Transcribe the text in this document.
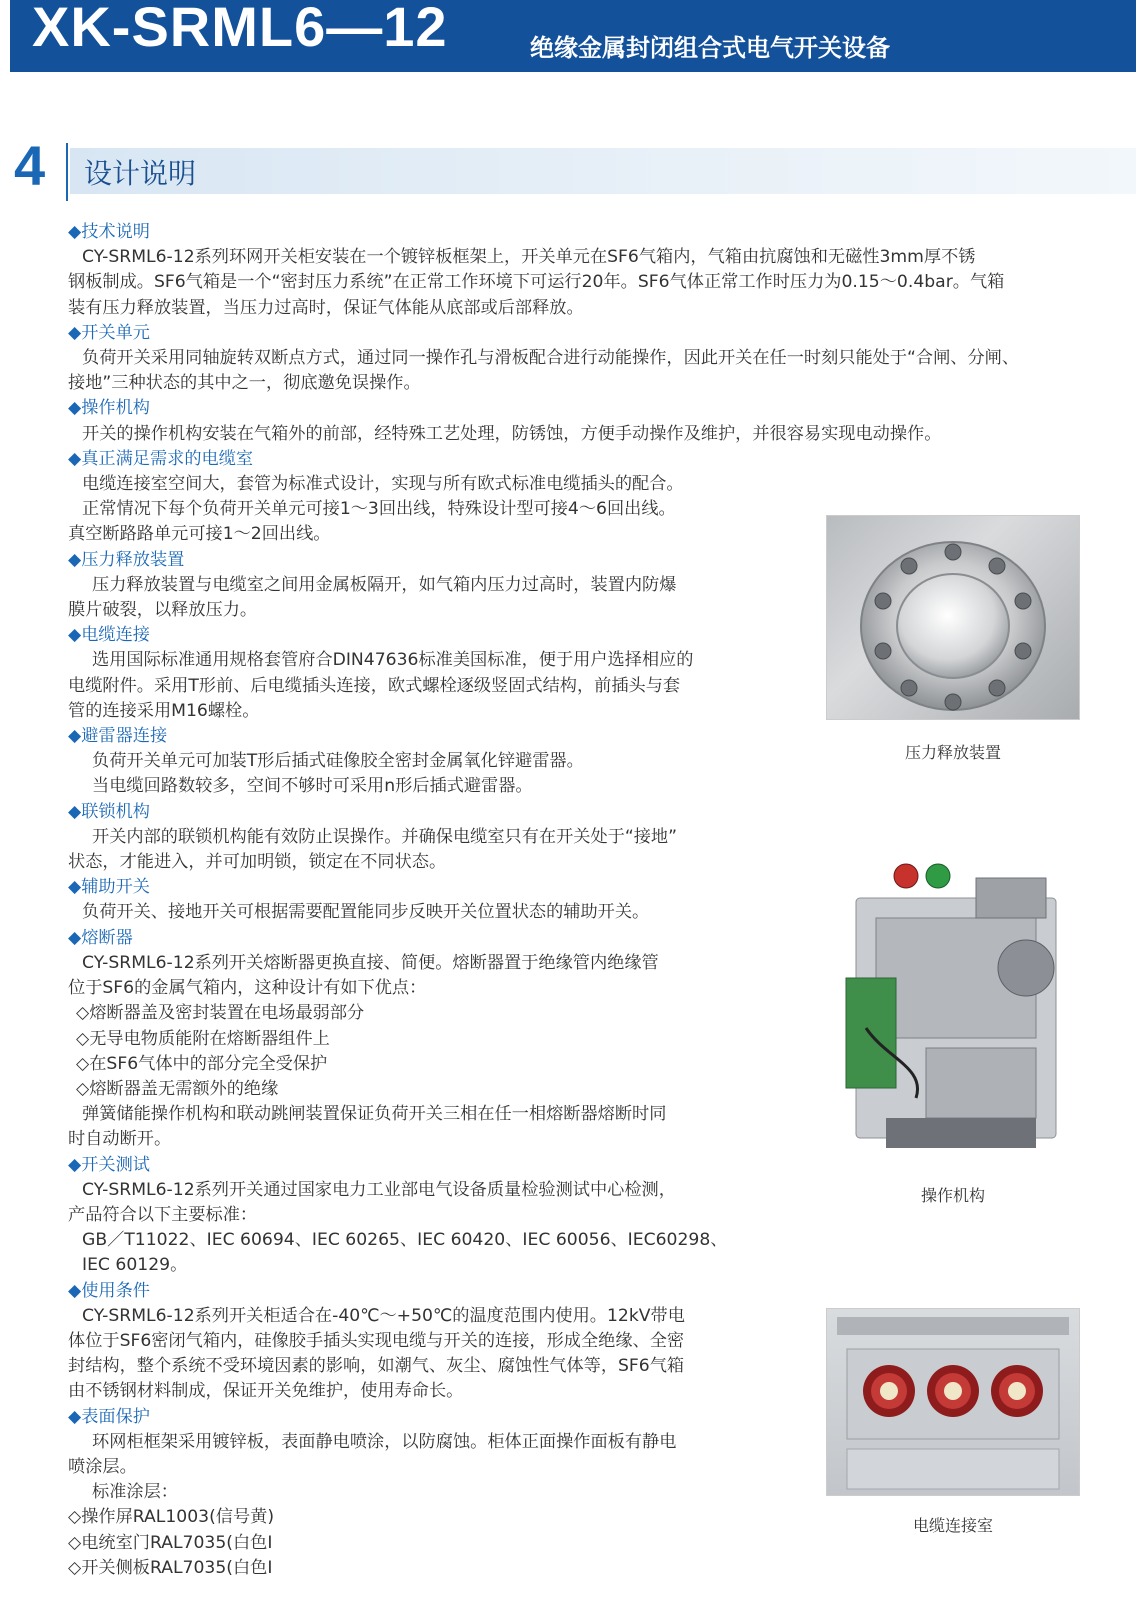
XK-SRML6—12	绝缘金属封闭组合式电气开关设备
4 设计说明

◆技术说明

CY-SRML6-12系列环网开关柜安装在一个镀锌板框架上，开关单元在SF6气箱内，气箱由抗腐蚀和无磁性3mm厚不锈

钢板制成。SF6气箱是一个“密封压力系统”在正常工作环境下可运行20年。SF6气体正常工作时压力为0.15～0.4bar。气箱

装有压力释放装置，当压力过高时，保证气体能从底部或后部释放。

◆开关单元

负荷开关采用同轴旋转双断点方式，通过同一操作孔与滑板配合进行动能操作，因此开关在任一时刻只能处于“合闸、分闸、

接地”三种状态的其中之一，彻底邀免误操作。

◆操作机构

开关的操作机构安装在气箱外的前部，经特殊工艺处理，防锈蚀，方便手动操作及维护，并很容易实现电动操作。

◆真正满足需求的电缆室

电缆连接室空间大，套管为标准式设计，实现与所有欧式标准电缆插头的配合。

正常情况下每个负荷开关单元可接1～3回出线，特殊设计型可接4～6回出线。

真空断路路单元可接1～2回出线。

◆压力释放装置

压力释放装置与电缆室之间用金属板隔开，如气箱内压力过高时，装置内防爆

膜片破裂，以释放压力。

◆电缆连接

选用国际标准通用规格套管府合DIN47636标准美国标准，便于用户选择相应的

电缆附件。采用T形前、后电缆插头连接，欧式螺栓逐级竖固式结构，前插头与套

管的连接采用M16螺栓。

◆避雷器连接

负荷开关单元可加装T形后插式硅像胶全密封金属氧化锌避雷器。

当电缆回路数较多，空间不够时可采用n形后插式避雷器。

◆联锁机构

开关内部的联锁机构能有效防止误操作。并确保电缆室只有在开关处于“接地”

状态，才能进入，并可加明锁，锁定在不同状态。

◆辅助开关

负荷开关、接地开关可根据需要配置能同步反映开关位置状态的辅助开关。

◆熔断器

CY-SRML6-12系列开关熔断器更换直接、简便。熔断器置于绝缘管内绝缘管

位于SF6的金属气箱内，这种设计有如下优点：

◇熔断器盖及密封装置在电场最弱部分

◇无导电物质能附在熔断器组件上

◇在SF6气体中的部分完全受保护

◇熔断器盖无需额外的绝缘

弹簧储能操作机构和联动跳闸装置保证负荷开关三相在任一相熔断器熔断时同

时自动断开。

◆开关测试

CY-SRML6-12系列开关通过国家电力工业部电气设备质量检验测试中心检测，

产品符合以下主要标准：

GB／T11022、IEC 60694、IEC 60265、IEC 60420、IEC 60056、IEC60298、

IEC 60129。

◆使用条件

CY-SRML6-12系列开关柜适合在-40℃～+50℃的温度范围内使用。12kV带电

体位于SF6密闭气箱内，硅像胶手插头实现电缆与开关的连接，形成全绝缘、全密

封结构，整个系统不受环境因素的影响，如潮气、灰尘、腐蚀性气体等，SF6气箱

由不锈钢材料制成，保证开关免维护，使用寿命长。

◆表面保护

环网柜框架采用镀锌板，表面静电喷涂，以防腐蚀。柜体正面操作面板有静电

喷涂层。

标准涂层：

◇操作屏RAL1003(信号黄)

◇电统室门RAL7035(白色I

◇开关侧板RAL7035(白色I

压力释放装置
操作机构
电缆连接室
